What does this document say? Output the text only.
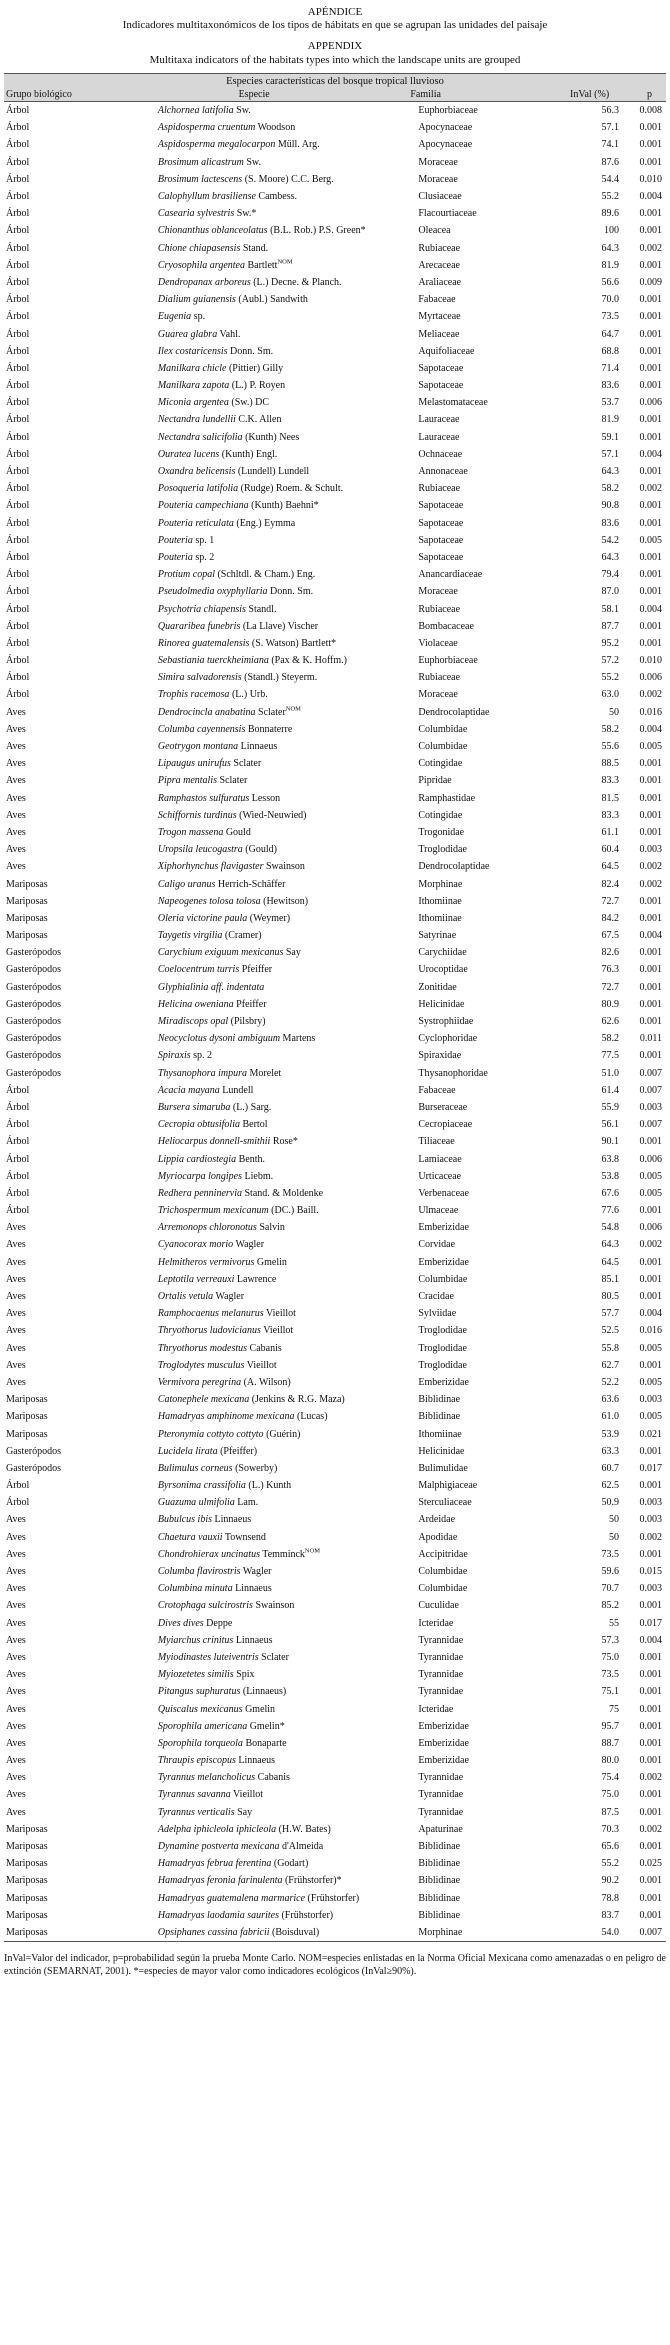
APÉNDICE
Indicadores multitaxonómicos de los tipos de hábitats en que se agrupan las unidades del paisaje
APPENDIX
Multitaxa indicators of the habitats types into which the landscape units are grouped
Especies características del bosque tropical lluvioso				
Grupo biológico	Especie	Familia	InVal (%)	p
Árbol	Alchornea latifolia Sw.	Euphorbiaceae	56.3	0.008
Árbol	Aspidosperma cruentum Woodson	Apocynaceae	57.1	0.001
Árbol	Aspidosperma megalocarpon Müll. Arg.	Apocynaceae	74.1	0.001
Árbol	Brosimum alicastrum Sw.	Moraceae	87.6	0.001
Árbol	Brosimum lactescens (S. Moore) C.C. Berg.	Moraceae	54.4	0.010
Árbol	Calophyllum brasiliense Cambess.	Clusiaceae	55.2	0.004
Árbol	Casearia sylvestris Sw.*	Flacourtiaceae	89.6	0.001
Árbol	Chionanthus oblanceolatus (B.L. Rob.) P.S. Green*	Oleacea	100	0.001
Árbol	Chione chiapasensis Stand.	Rubiaceae	64.3	0.002
Árbol	Cryosophila argentea Bartlett$^{NOM}$	Arecaceae	81.9	0.001
Árbol	Dendropanax arboreus (L.) Decne. & Planch.	Araliaceae	56.6	0.009
Árbol	Dialium guianensis (Aubl.) Sandwith	Fabaceae	70.0	0.001
Árbol	Eugenia sp.	Myrtaceae	73.5	0.001
Árbol	Guarea glabra Vahl.	Meliaceae	64.7	0.001
Árbol	Ilex costaricensis Donn. Sm.	Aquifoliaceae	68.8	0.001
Árbol	Manilkara chicle (Pittier) Gilly	Sapotaceae	71.4	0.001
Árbol	Manilkara zapota (L.) P. Royen	Sapotaceae	83.6	0.001
Árbol	Miconia argentea (Sw.) DC	Melastomataceae	53.7	0.006
Árbol	Nectandra lundellii C.K. Allen	Lauraceae	81.9	0.001
Árbol	Nectandra salicifolia (Kunth) Nees	Lauraceae	59.1	0.001
Árbol	Ouratea lucens (Kunth) Engl.	Ochnaceae	57.1	0.004
Árbol	Oxandra belicensis (Lundell) Lundell	Annonaceae	64.3	0.001
Árbol	Posoqueria latifolia (Rudge) Roem. & Schult.	Rubiaceae	58.2	0.002
Árbol	Pouteria campechiana (Kunth) Baehni*	Sapotaceae	90.8	0.001
Árbol	Pouteria reticulata (Eng.) Eymma	Sapotaceae	83.6	0.001
Árbol	Pouteria sp. 1	Sapotaceae	54.2	0.005
Árbol	Pouteria sp. 2	Sapotaceae	64.3	0.001
Árbol	Protium copal (Schltdl. & Cham.) Eng.	Anancardiaceae	79.4	0.001
Árbol	Pseudolmedia oxyphyllaria Donn. Sm.	Moraceae	87.0	0.001
Árbol	Psychotria chiapensis Standl.	Rubiaceae	58.1	0.004
Árbol	Quararibea funebris (La Llave) Vischer	Bombacaceae	87.7	0.001
Árbol	Rinorea guatemalensis (S. Watson) Bartlett*	Violaceae	95.2	0.001
Árbol	Sebastiania tuerckheimiana (Pax & K. Hoffm.)	Euphorbiaceae	57.2	0.010
Árbol	Simira salvadorensis (Standl.) Steyerm.	Rubiaceae	55.2	0.006
Árbol	Trophis racemosa (L.) Urb.	Moraceae	63.0	0.002
Aves	Dendrocincla anabatina Sclater$^{NOM}$	Dendrocolaptidae	50	0.016
Aves	Columba cayennensis Bonnaterre	Columbidae	58.2	0.004
Aves	Geotrygon montana Linnaeus	Columbidae	55.6	0.005
Aves	Lipaugus unirufus Sclater	Cotingidae	88.5	0.001
Aves	Pipra mentalis Sclater	Pipridae	83.3	0.001
Aves	Ramphastos sulfuratus Lesson	Ramphastidae	81.5	0.001
Aves	Schiffornis turdinus (Wied-Neuwied)	Cotingidae	83.3	0.001
Aves	Trogon massena Gould	Trogonidae	61.1	0.001
Aves	Uropsila leucogastra (Gould)	Troglodidae	60.4	0.003
Aves	Xiphorhynchus flavigaster Swainson	Dendrocolaptidae	64.5	0.002
Mariposas	Caligo uranus Herrich-Schäffer	Morphinae	82.4	0.002
Mariposas	Napeogenes tolosa tolosa (Hewitson)	Ithomiinae	72.7	0.001
Mariposas	Oleria victorine paula (Weymer)	Ithomiinae	84.2	0.001
Mariposas	Taygetis virgilia (Cramer)	Satyrinae	67.5	0.004
Gasterópodos	Carychium exiguum mexicanus Say	Carychiidae	82.6	0.001
Gasterópodos	Coelocentrum turris Pfeiffer	Urocoptidae	76.3	0.001
Gasterópodos	Glyphialinia aff. indentata	Zonitidae	72.7	0.001
Gasterópodos	Helicina oweniana Pfeiffer	Helicinidae	80.9	0.001
Gasterópodos	Miradiscops opal (Pilsbry)	Systrophiidae	62.6	0.001
Gasterópodos	Neocyclotus dysoni ambiguum Martens	Cyclophoridae	58.2	0.011
Gasterópodos	Spiraxis sp. 2	Spiraxidae	77.5	0.001
Gasterópodos	Thysanophora impura Morelet	Thysanophoridae	51.0	0.007
Árbol	Acacia mayana Lundell	Fabaceae	61.4	0.007
Árbol	Bursera simaruba (L.) Sarg.	Burseraceae	55.9	0.003
Árbol	Cecropia obtusifolia Bertol	Cecropiaceae	56.1	0.007
Árbol	Heliocarpus donnell-smithii Rose*	Tiliaceae	90.1	0.001
Árbol	Lippia cardiostegia Benth.	Lamiaceae	63.8	0.006
Árbol	Myriocarpa longipes Liebm.	Urticaceae	53.8	0.005
Árbol	Redhera penninervia Stand. & Moldenke	Verbenaceae	67.6	0.005
Árbol	Trichospermum mexicanum (DC.) Baill.	Ulmaceae	77.6	0.001
Aves	Arremonops chloronotus Salvin	Emberizidae	54.8	0.006
Aves	Cyanocorax morio Wagler	Corvidae	64.3	0.002
Aves	Helmitheros vermivorus Gmelin	Emberizidae	64.5	0.001
Aves	Leptotila verreauxi Lawrence	Columbidae	85.1	0.001
Aves	Ortalis vetula Wagler	Cracidae	80.5	0.001
Aves	Ramphocaenus melanurus Vieillot	Sylviidae	57.7	0.004
Aves	Thryothorus ludovicianus Vieillot	Troglodidae	52.5	0.016
Aves	Thryothorus modestus Cabanis	Troglodidae	55.8	0.005
Aves	Troglodytes musculus Vieillot	Troglodidae	62.7	0.001
Aves	Vermivora peregrina (A. Wilson)	Emberizidae	52.2	0.005
Mariposas	Catonephele mexicana (Jenkins & R.G. Maza)	Biblidinae	63.6	0.003
Mariposas	Hamadryas amphinome mexicana (Lucas)	Biblidinae	61.0	0.005
Mariposas	Pteronymia cottyto cottyto (Guérin)	Ithomiinae	53.9	0.021
Gasterópodos	Lucidela lirata (Pfeiffer)	Helicinidae	63.3	0.001
Gasterópodos	Bulimulus corneus (Sowerby)	Bulimulidae	60.7	0.017
Árbol	Byrsonima crassifolia (L.) Kunth	Malphigiaceae	62.5	0.001
Árbol	Guazuma ulmifolia Lam.	Sterculiaceae	50.9	0.003
Aves	Bubulcus ibis Linnaeus	Ardeidae	50	0.003
Aves	Chaetura vauxii Townsend	Apodidae	50	0.002
Aves	Chondrohierax uncinatus Temminck$^{NOM}$	Accipitridae	73.5	0.001
Aves	Columba flavirostris Wagler	Columbidae	59.6	0.015
Aves	Columbina minuta Linnaeus	Columbidae	70.7	0.003
Aves	Crotophaga sulcirostris Swainson	Cuculidae	85.2	0.001
Aves	Dives dives Deppe	Icteridae	55	0.017
Aves	Myiarchus crinitus Linnaeus	Tyrannidae	57.3	0.004
Aves	Myiodinastes luteiventris Sclater	Tyrannidae	75.0	0.001
Aves	Myiozetetes similis Spix	Tyrannidae	73.5	0.001
Aves	Pitangus suphuratus (Linnaeus)	Tyrannidae	75.1	0.001
Aves	Quiscalus mexicanus Gmelin	Icteridae	75	0.001
Aves	Sporophila americana Gmelin*	Emberizidae	95.7	0.001
Aves	Sporophila torqueola Bonaparte	Emberizidae	88.7	0.001
Aves	Thraupis episcopus Linnaeus	Emberizidae	80.0	0.001
Aves	Tyrannus melancholicus Cabanis	Tyrannidae	75.4	0.002
Aves	Tyrannus savanna Vieillot	Tyrannidae	75.0	0.001
Aves	Tyrannus verticalis Say	Tyrannidae	87.5	0.001
Mariposas	Adelpha iphicleola iphicleola (H.W. Bates)	Apaturinae	70.3	0.002
Mariposas	Dynamine postverta mexicana d'Almeida	Biblidinae	65.6	0.001
Mariposas	Hamadryas februa ferentina (Godart)	Biblidinae	55.2	0.025
Mariposas	Hamadryas feronia farinulenta (Frühstorfer)*	Biblidinae	90.2	0.001
Mariposas	Hamadryas guatemalena marmarice (Frühstorfer)	Biblidinae	78.8	0.001
Mariposas	Hamadryas laodamia saurites (Frühstorfer)	Biblidinae	83.7	0.001
Mariposas	Opsiphanes cassina fabricii (Boisduval)	Morphinae	54.0	0.007
InVal=Valor del indicador, p=probabilidad según la prueba Monte Carlo. NOM=especies enlistadas en la Norma Oficial Mexicana como amenazadas o en peligro de extinción (SEMARNAT, 2001). *=especies de mayor valor como indicadores ecológicos (InVal≥90%).
